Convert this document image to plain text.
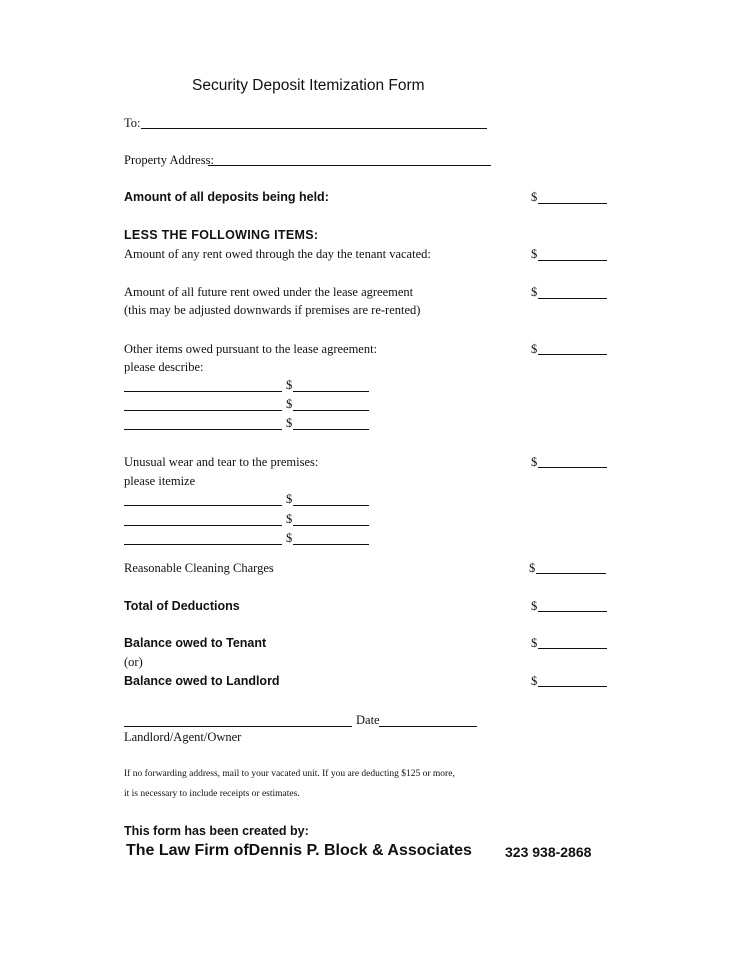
Security Deposit Itemization Form
To:
Property Address:
Amount of all deposits being held:	$
LESS THE FOLLOWING ITEMS:
Amount of any rent owed through the day the tenant vacated:	$
Amount of all future rent owed under the lease agreement	$
(this may be adjusted downwards if premises are re-rented)
Other items owed pursuant to the lease agreement:	$
please describe:
$
$
$
Unusual wear and tear to the premises:	$
please itemize
$
$
$
Reasonable Cleaning Charges	$
Total of Deductions	$
Balance owed to Tenant	$
(or)
Balance owed to Landlord	$
Date
Landlord/Agent/Owner
If no forwarding address, mail to your vacated unit. If you are deducting $125 or more,
it is necessary to include receipts or estimates.
This form has been created by:
The Law Firm ofDennis P. Block & Associates 323 938-2868
